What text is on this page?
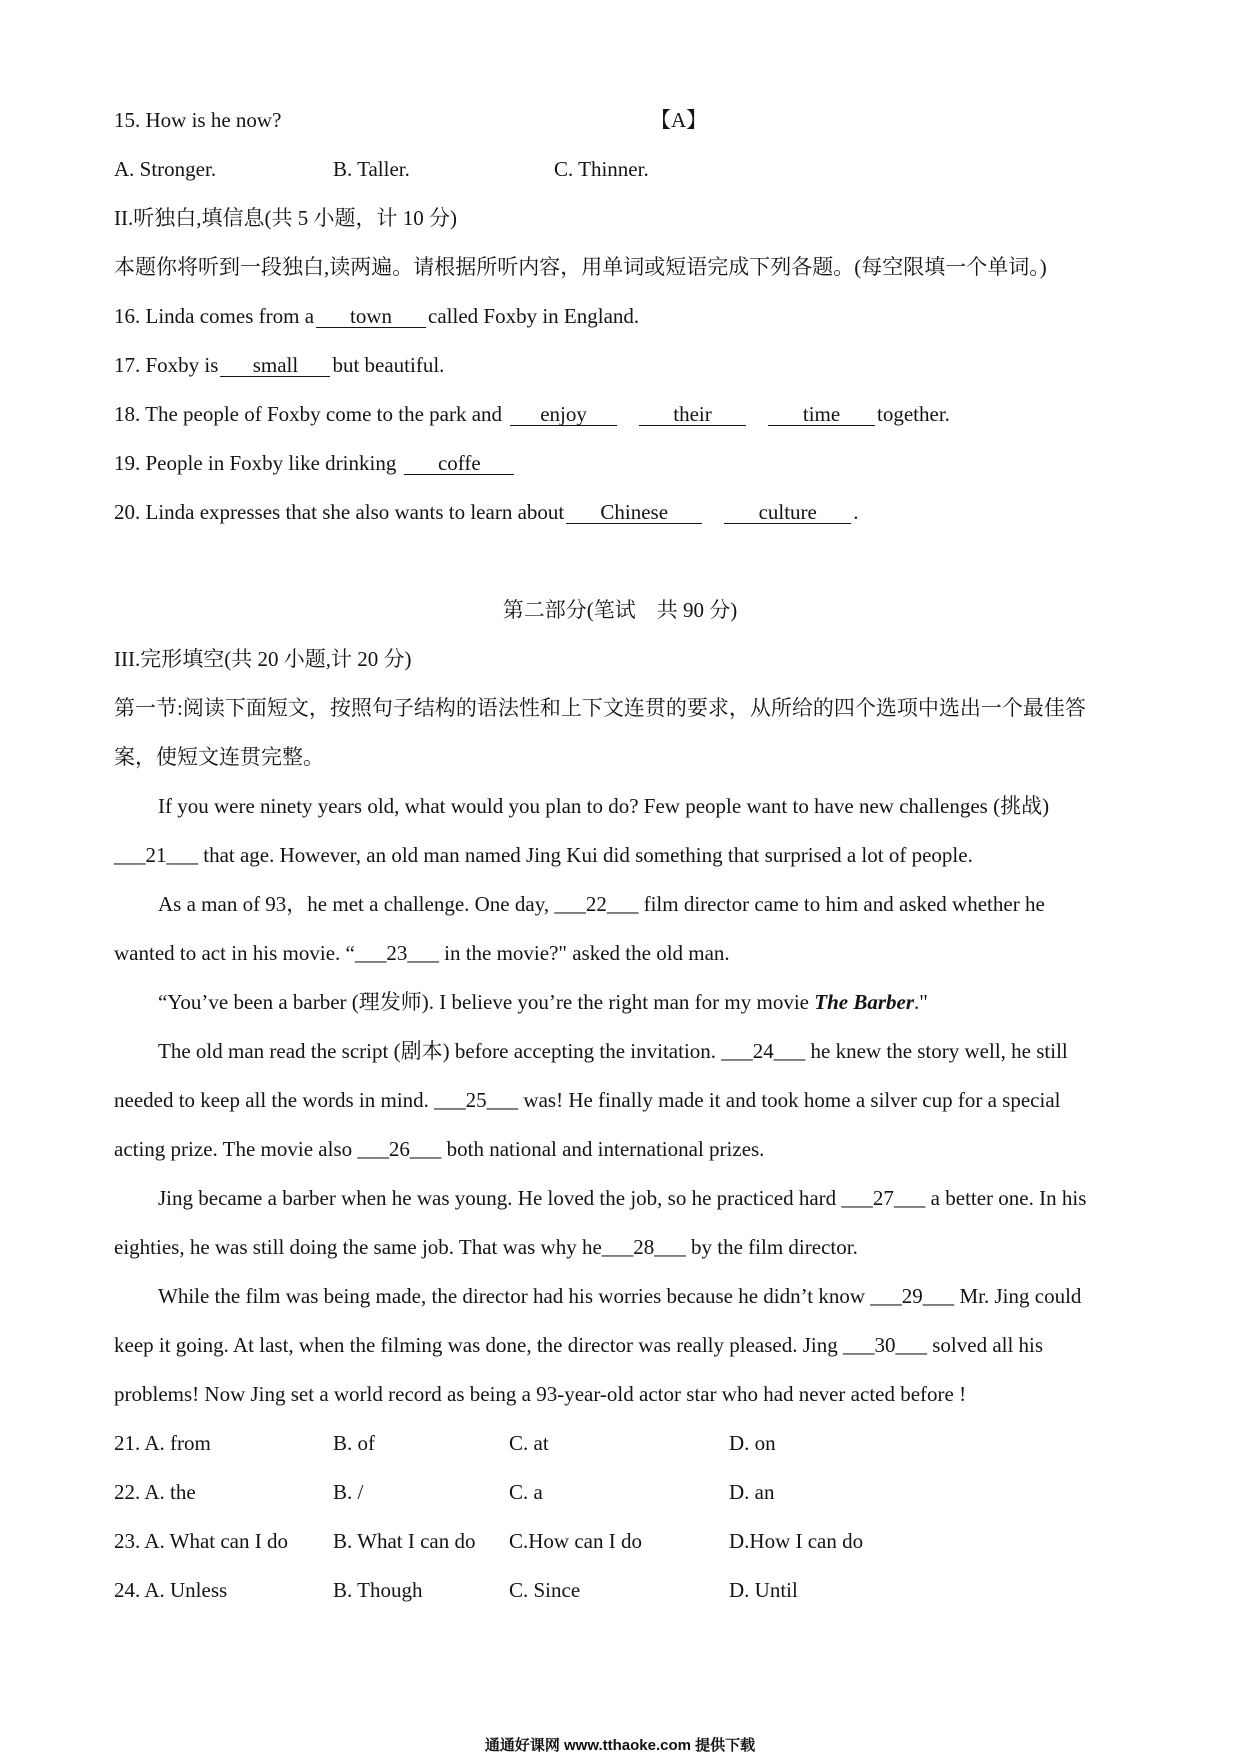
15. How is he now?	【A】
A. Stronger.	B. Taller.	C. Thinner.
II.听独白,填信息(共 5 小题，计 10 分)
本题你将听到一段独白,读两遍。请根据所听内容，用单词或短语完成下列各题。(每空限填一个单词。)
16. Linda comes from a town called Foxby in England.
17. Foxby is small but beautiful.
18. The people of Foxby come to the park and enjoy	their	time together.
19. People in Foxby like drinking coffe
20. Linda expresses that she also wants to learn about Chinese	culture .
第二部分(笔试　共 90 分)
III.完形填空(共 20 小题,计 20 分)
第一节:阅读下面短文，按照句子结构的语法性和上下文连贯的要求，从所给的四个选项中选出一个最佳答
案，使短文连贯完整。
If you were ninety years old, what would you plan to do? Few people want to have new challenges (挑战)
___21___ that age. However, an old man named Jing Kui did something that surprised a lot of people.
As a man of 93，he met a challenge. One day, ___22___ film director came to him and asked whether he
wanted to act in his movie. “___23___ in the movie?" asked the old man.
“You’ve been a barber (理发师). I believe you’re the right man for my movie The Barber."
The old man read the script (剧本) before accepting the invitation. ___24___ he knew the story well, he still
needed to keep all the words in mind. ___25___ was! He finally made it and took home a silver cup for a special
acting prize. The movie also ___26___ both national and international prizes.
Jing became a barber when he was young. He loved the job, so he practiced hard ___27___ a better one. In his
eighties, he was still doing the same job. That was why he___28___ by the film director.
While the film was being made, the director had his worries because he didn’t know ___29___ Mr. Jing could
keep it going. At last, when the filming was done, the director was really pleased. Jing ___30___ solved all his
problems! Now Jing set a world record as being a 93-year-old actor star who had never acted before !
21. A. from	B. of	C. at	D. on
22. A. the	B. /	C. a	D. an
23. A. What can I do B. What I can do C.How can I do	D.How I can do
24. A. Unless	B. Though	C. Since	D. Until
通通好课网 www.tthaoke.com 提供下载
